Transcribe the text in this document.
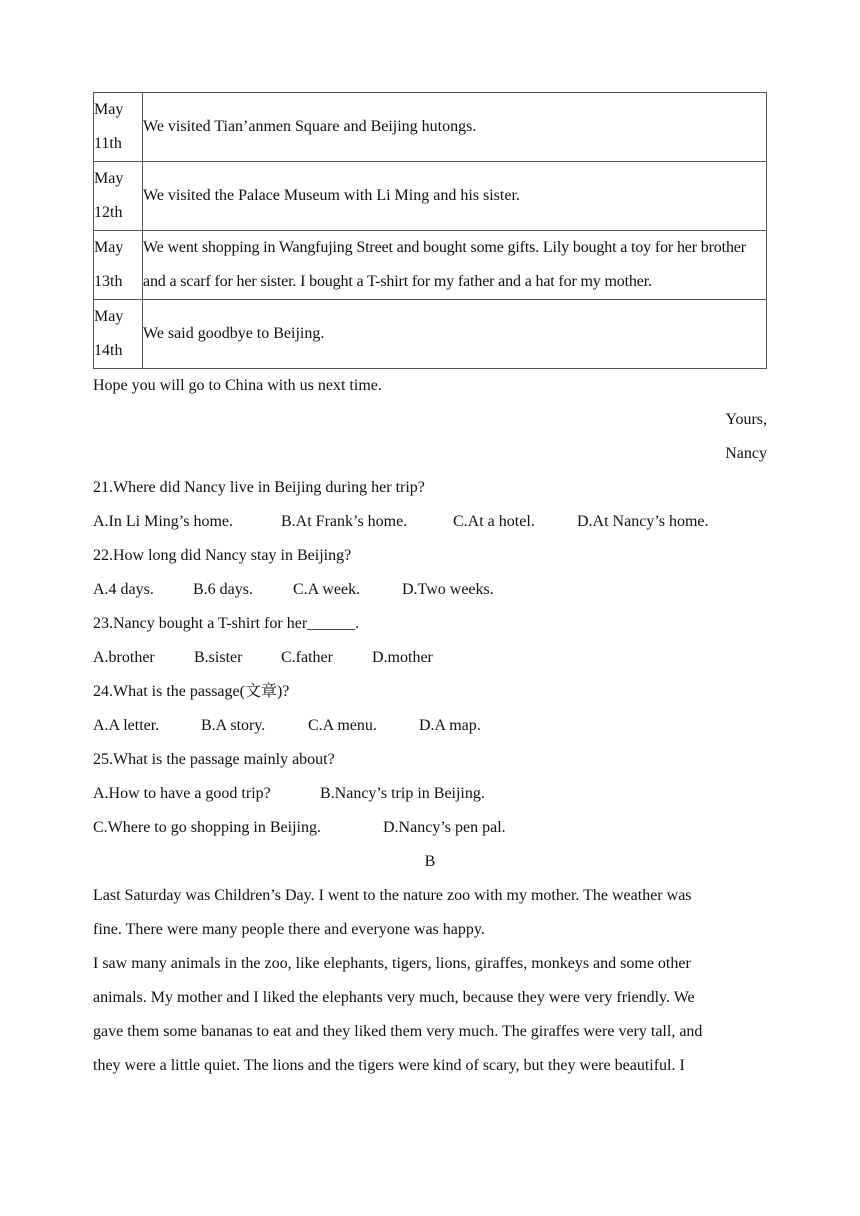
May
11th	We visited Tian’anmen Square and Beijing hutongs.

May
12th	We visited the Palace Museum with Li Ming and his sister.

May
13th	We went shopping in Wangfujing Street and bought some gifts. Lily bought a toy for her brother and a scarf for her sister. I bought a T-shirt for my father and a hat for my mother.

May
14th	We said goodbye to Beijing.
Hope you will go to China with us next time.
Yours,
Nancy
21.Where did Nancy live in Beijing during her trip?
A.In Li Ming’s home.	B.At Frank’s home.	C.At a hotel.	D.At Nancy’s home.
22.How long did Nancy stay in Beijing?
A.4 days. B.6 days.	C.A week.	D.Two weeks.
23.Nancy bought a T-shirt for her______.
A.brother B.sister C.father D.mother
24.What is the passage(文章)?
A.A letter.	B.A story.	C.A menu.	D.A map.
25.What is the passage mainly about?
A.How to have a good trip?	B.Nancy’s trip in Beijing.
C.Where to go shopping in Beijing.	D.Nancy’s pen pal.
B
Last Saturday was Children’s Day. I went to the nature zoo with my mother. The weather was
fine. There were many people there and everyone was happy.
I saw many animals in the zoo, like elephants, tigers, lions, giraffes, monkeys and some other
animals. My mother and I liked the elephants very much, because they were very friendly. We
gave them some bananas to eat and they liked them very much. The giraffes were very tall, and
they were a little quiet. The lions and the tigers were kind of scary, but they were beautiful. I
